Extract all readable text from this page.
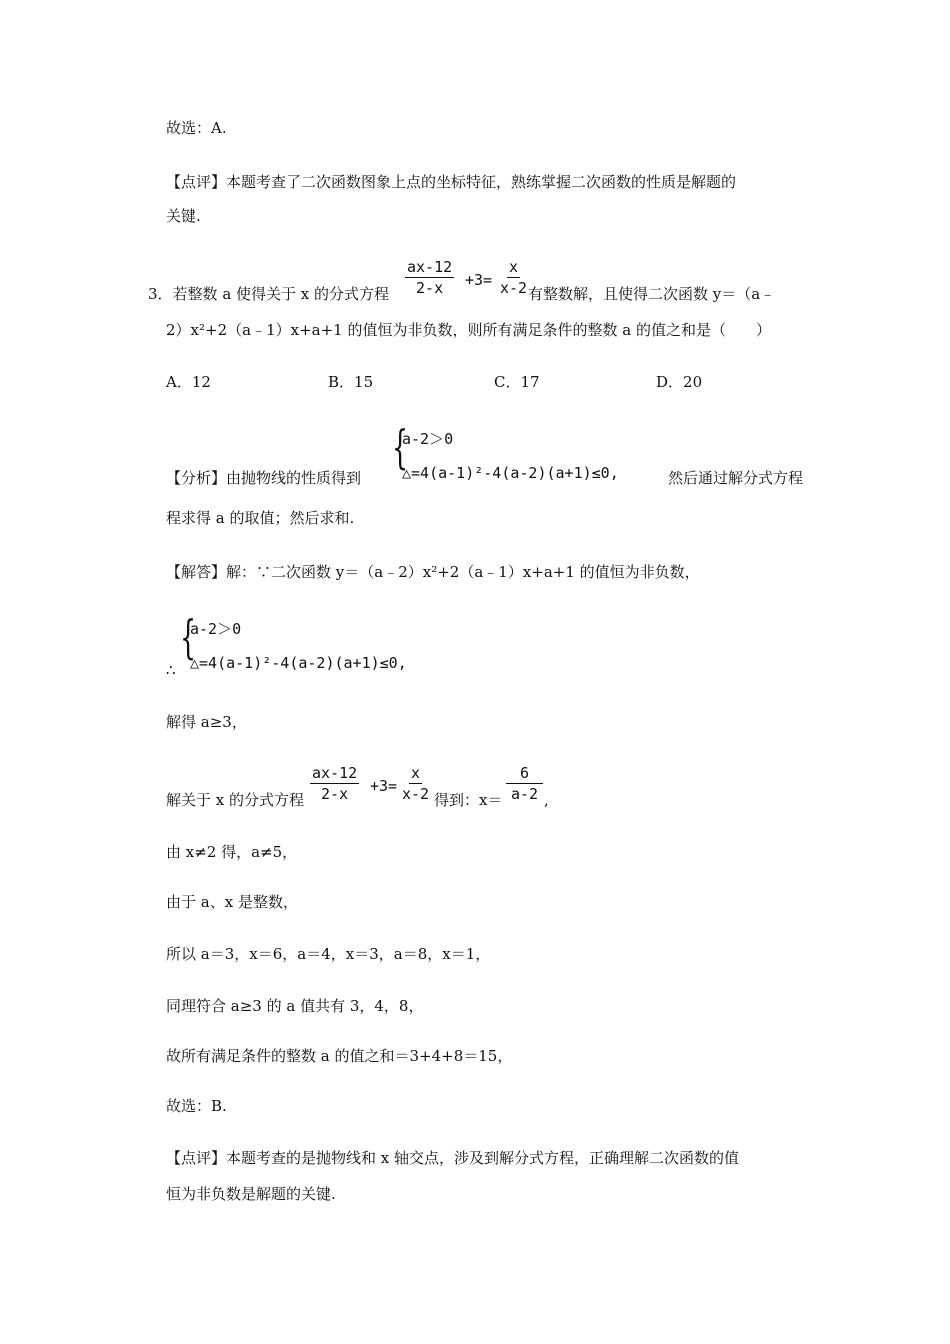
故选：A.
【点评】本题考查了二次函数图象上点的坐标特征，熟练掌握二次函数的性质是解题的
关键.
3．若整数 a 使得关于 x 的分式方程 $\frac{ax-12}{2-x} +3= \frac{x}{x-2}$ 有整数解，且使得二次函数 y＝（a﹣
2）x²+2（a﹣1）x+a+1 的值恒为非负数，则所有满足条件的整数 a 的值之和是（　　）
A．12	B．15	C．17	D．20
【分析】由抛物线的性质得到
{
a-2＞0
△=4(a-1)²-4(a-2)(a+1)≤0,	然后通过解分式方程
程求得 a 的取值；然后求和.
【解答】解：∵二次函数 y＝（a﹣2）x²+2（a﹣1）x+a+1 的值恒为非负数，
∴
{
a-2＞0
△=4(a-1)²-4(a-2)(a+1)≤0,
解得 a≥3，
解关于 x 的分式方程 $\frac{ax-12}{2-x} +3= \frac{x}{x-2}$ 得到：$x= \frac{6}{a-2}$ ,
由 x≠2 得，a≠5，
由于 a、x 是整数，
所以 a＝3，x＝6，a＝4，x＝3，a＝8，x＝1，
同理符合 a≥3 的 a 值共有 3，4，8，
故所有满足条件的整数 a 的值之和＝3+4+8＝15，
故选：B.
【点评】本题考查的是抛物线和 x 轴交点，涉及到解分式方程，正确理解二次函数的值
恒为非负数是解题的关键.
